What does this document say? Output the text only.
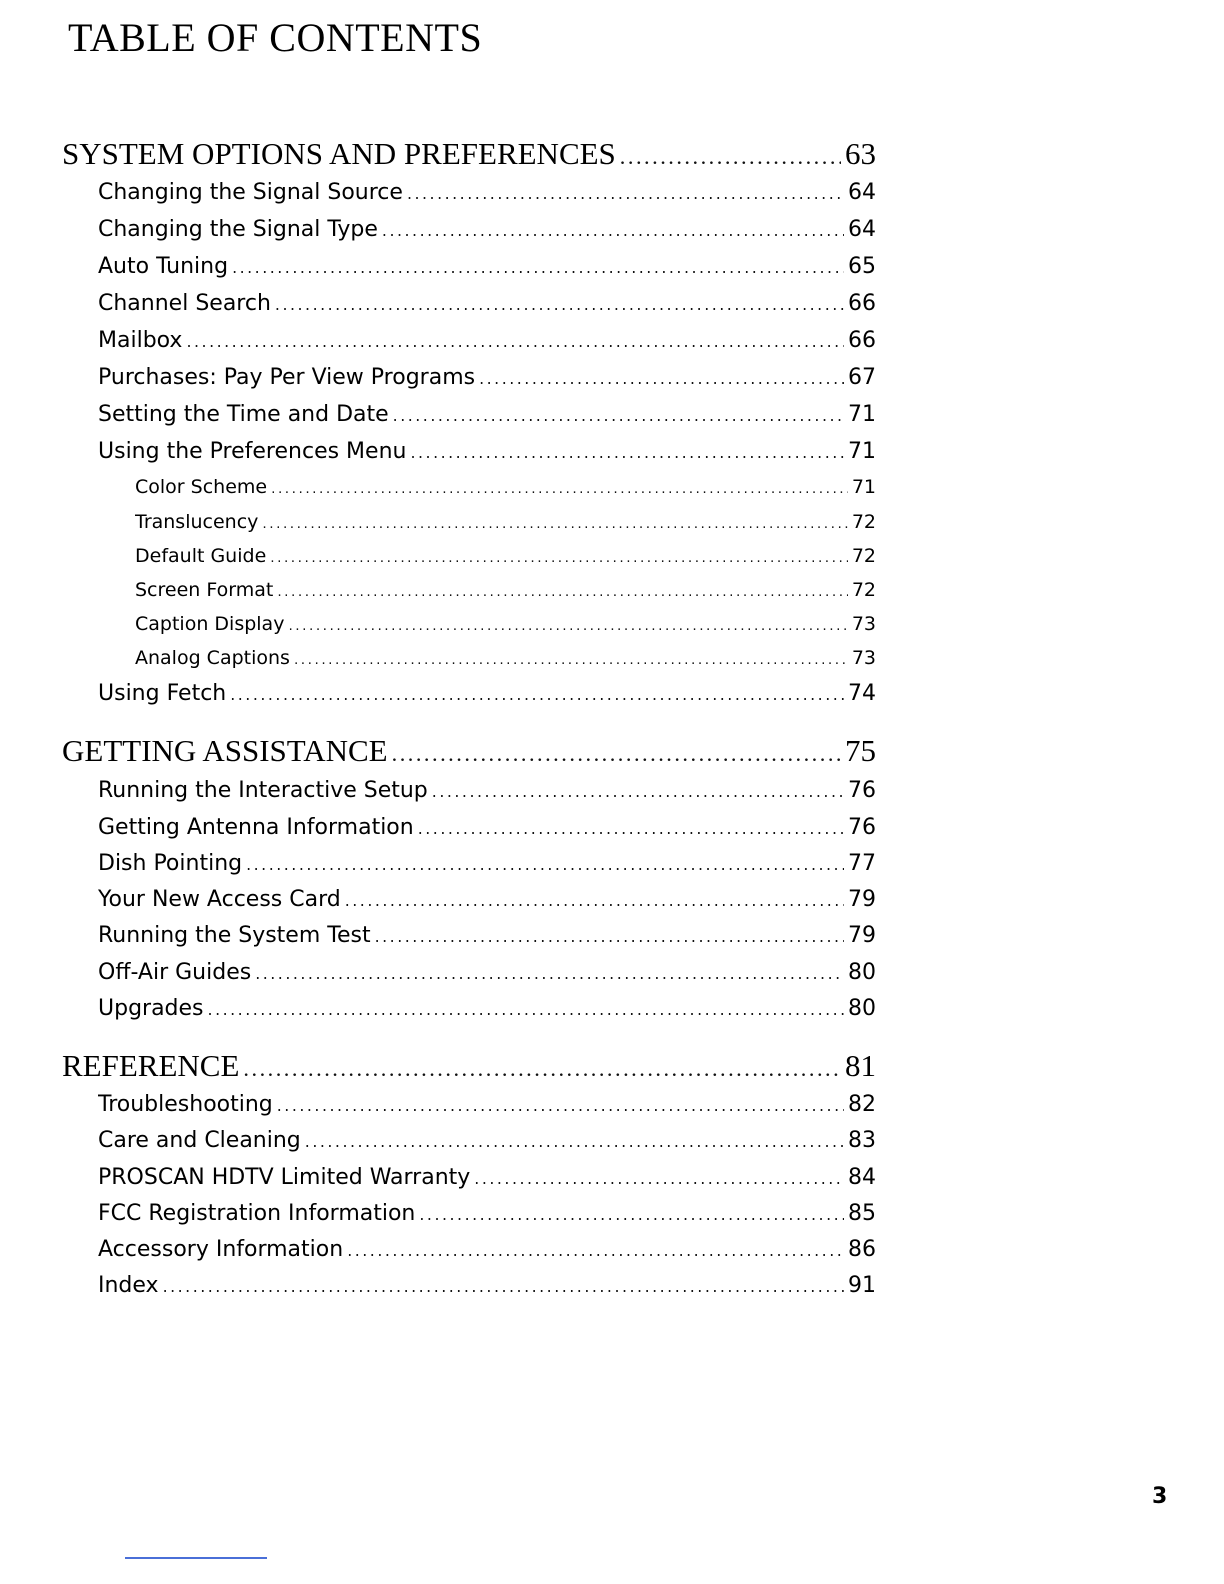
TABLE OF CONTENTS
SYSTEM OPTIONS AND PREFERENCES .....	63
Changing the Signal Source .....	64
Changing the Signal Type .....	64
Auto Tuning .....	65
Channel Search .....	66
Mailbox .....	66
Purchases: Pay Per View Programs .....	67
Setting the Time and Date .....	71
Using the Preferences Menu .....	71
Color Scheme .....	71
Translucency .....	72
Default Guide .....	72
Screen Format .....	72
Caption Display .....	73
Analog Captions .....	73
Using Fetch .....	74
GETTING ASSISTANCE .....	75
Running the Interactive Setup .....	76
Getting Antenna Information .....	76
Dish Pointing .....	77
Your New Access Card .....	79
Running the System Test .....	79
Off-Air Guides .....	80
Upgrades .....	80
REFERENCE .....	81
Troubleshooting .....	82
Care and Cleaning .....	83
PROSCAN HDTV Limited Warranty .....	84
FCC Registration Information .....	85
Accessory Information .....	86
Index .....	91
3
